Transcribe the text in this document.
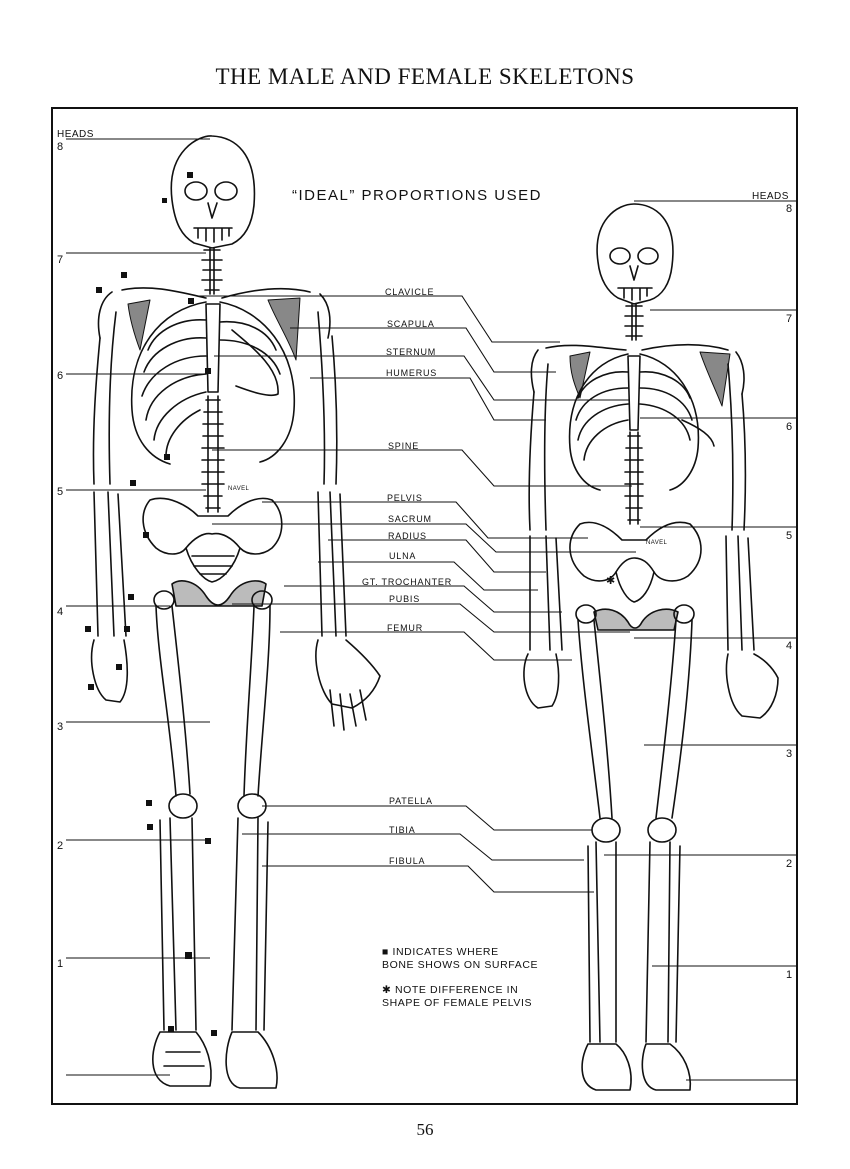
THE MALE AND FEMALE SKELETONS
“IDEAL” PROPORTIONS USED
HEADS
HEADS
8
7
6
5
4
3
2
1
8
7
6
5
4
3
2
1
CLAVICLE
SCAPULA
STERNUM
HUMERUS
SPINE
PELVIS
SACRUM
RADIUS
ULNA
GT. TROCHANTER
PUBIS
FEMUR
PATELLA
TIBIA
FIBULA
NAVEL
NAVEL
✱
■ INDICATES WHERE
BONE SHOWS ON SURFACE
✱ NOTE DIFFERENCE IN
SHAPE OF FEMALE PELVIS
56
